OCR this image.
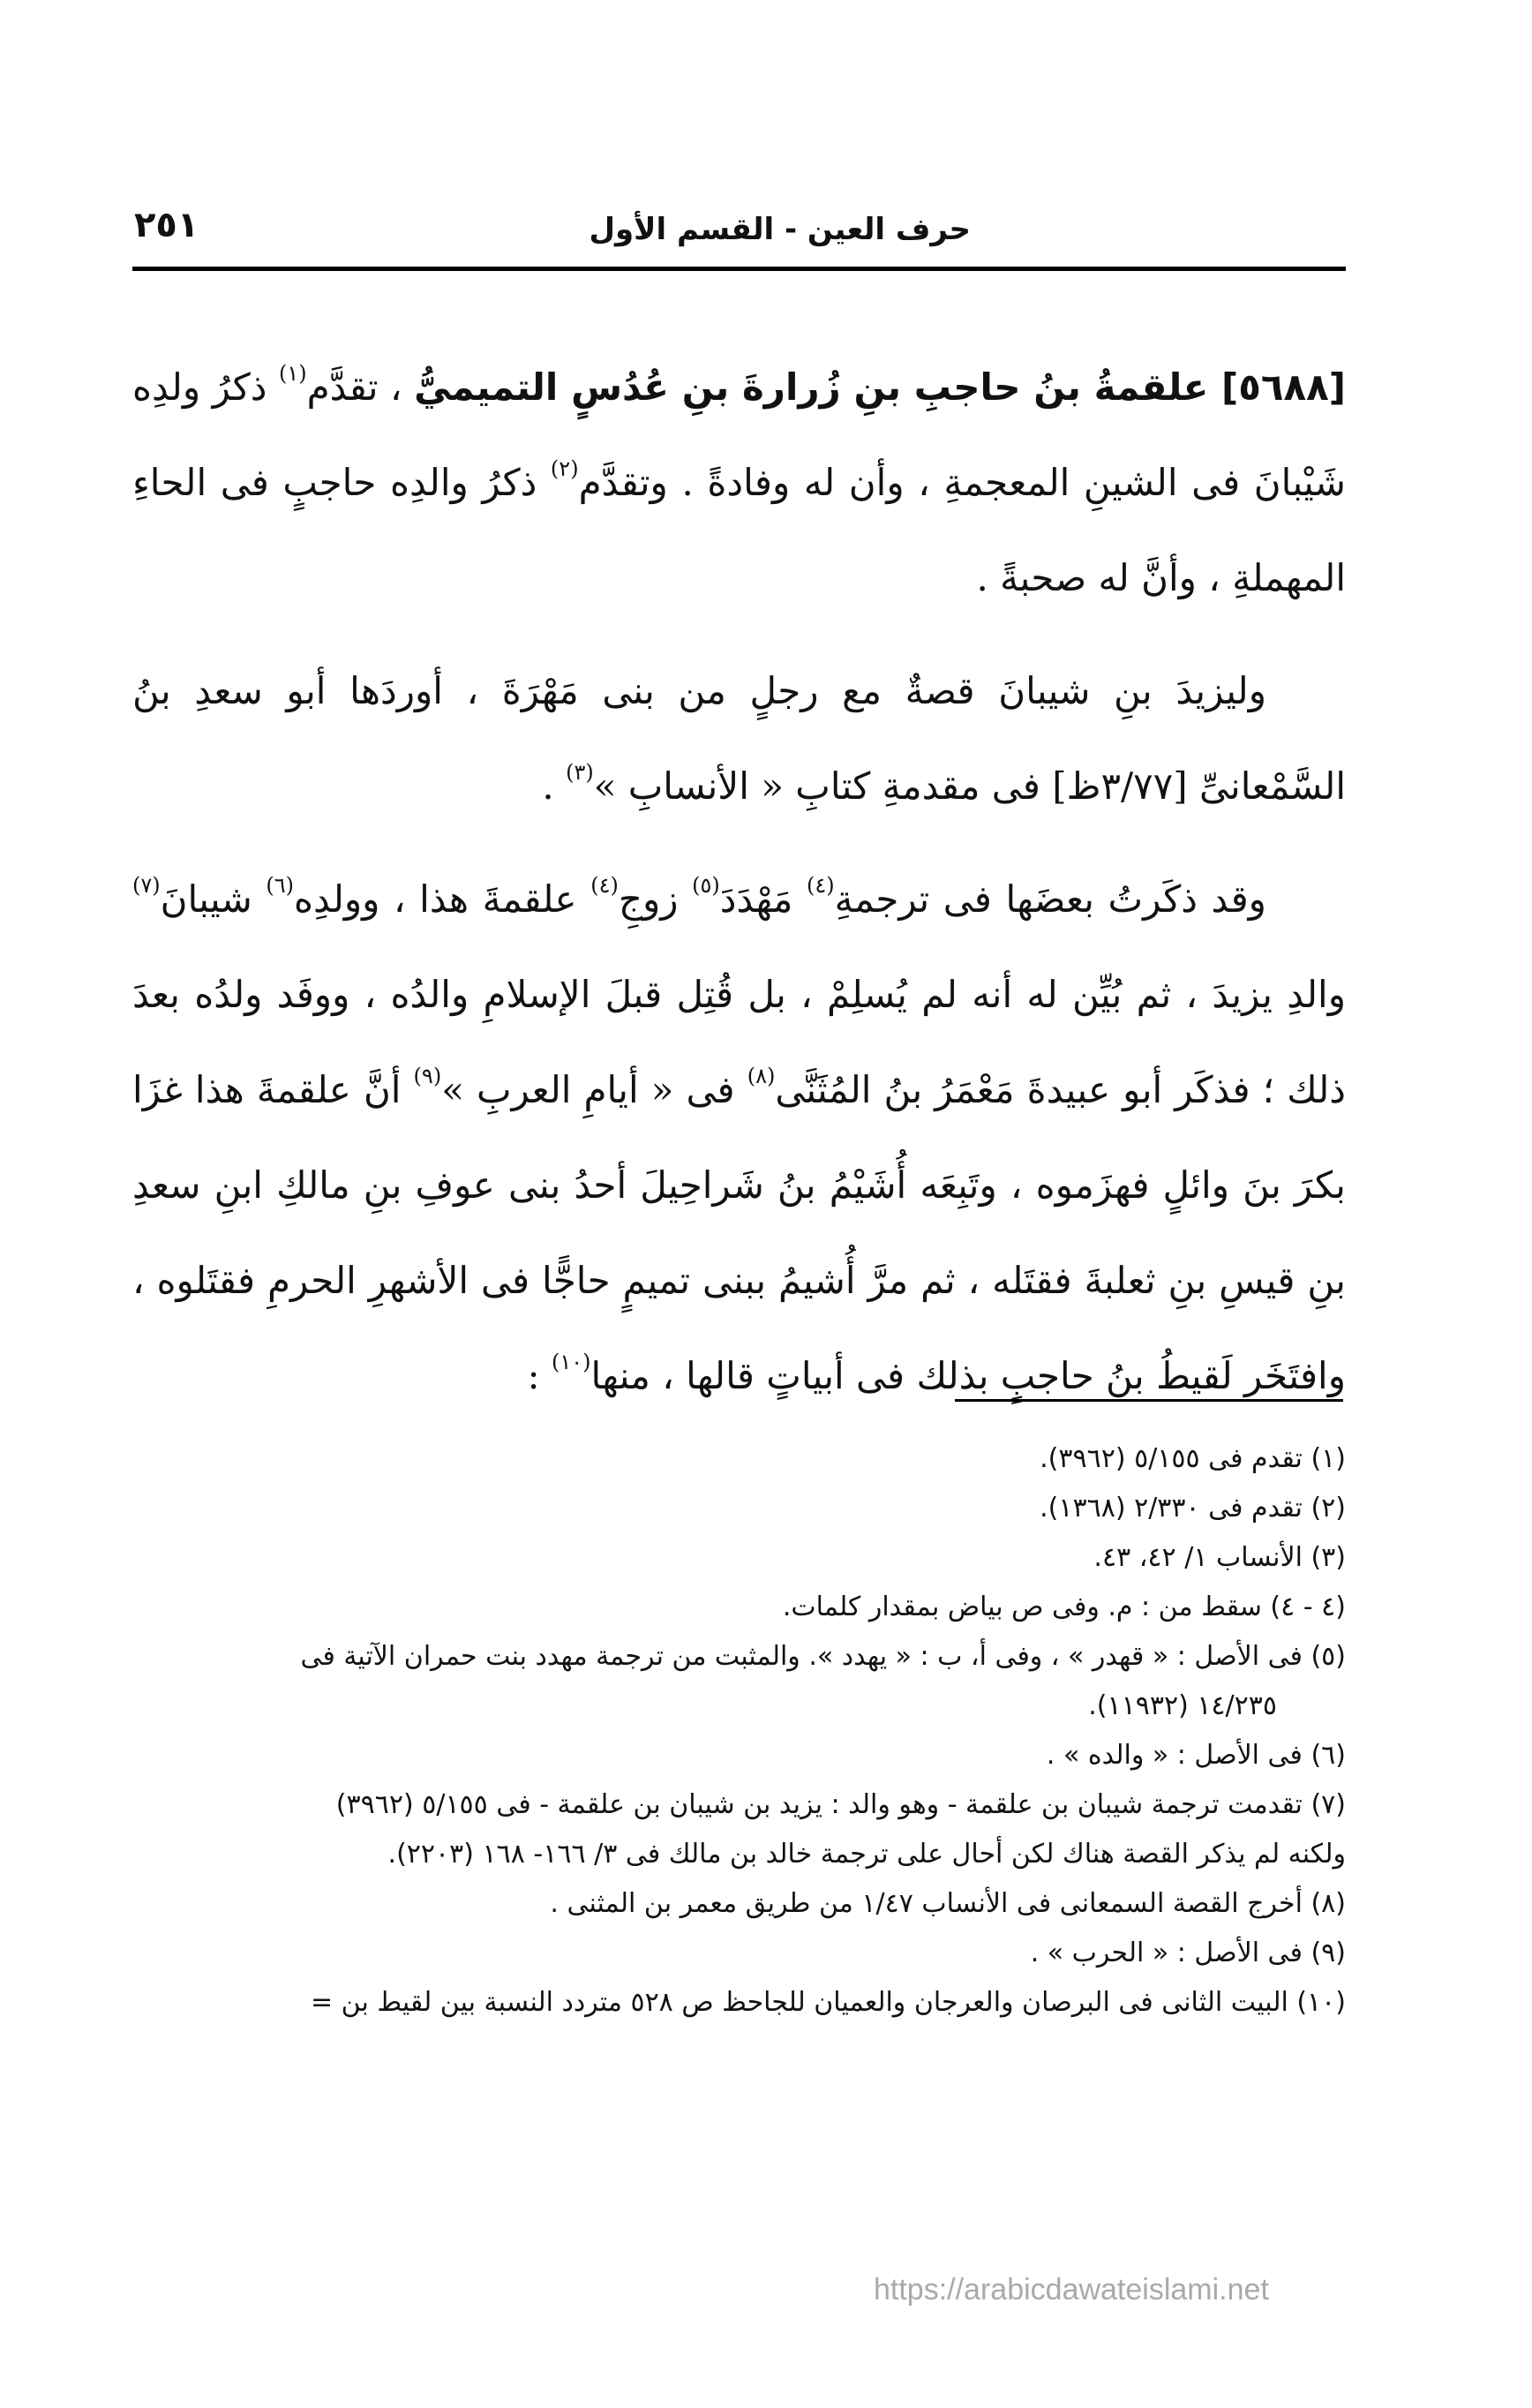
حرف العين - القسم الأول
٢٥١

[٥٦٨٨] علقمةُ بنُ حاجبِ بنِ زُرارةَ بنِ عُدُسٍ التميميُّ ، تقدَّم$^{(١)}$ ذكرُ ولدِه شَيْبانَ فى الشينِ المعجمةِ ، وأن له وفادةً . وتقدَّم$^{(٢)}$ ذكرُ والدِه حاجبٍ فى الحاءِ المهملةِ ، وأنَّ له صحبةً .

وليزيدَ بنِ شيبانَ قصةٌ مع رجلٍ من بنى مَهْرَةَ ، أوردَها أبو سعدِ بنُ السَّمْعانىِّ [٣/٧٧ظ] فى مقدمةِ كتابِ « الأنسابِ »$^{(٣)}$ .

وقد ذكَرتُ بعضَها فى ترجمةِ$^{(٤)}$ مَهْدَدَ$^{(٥)}$ زوجِ$^{(٤)}$ علقمةَ هذا ، وولدِه$^{(٦)}$ شيبانَ$^{(٧)}$ والدِ يزيدَ ، ثم بُيِّن له أنه لم يُسلِمْ ، بل قُتِل قبلَ الإسلامِ والدُه ، ووفَد ولدُه بعدَ ذلك ؛ فذكَر أبو عبيدةَ مَعْمَرُ بنُ المُثَنَّى$^{(٨)}$ فى « أيامِ العربِ »$^{(٩)}$ أنَّ علقمةَ هذا غزَا بكرَ بنَ وائلٍ فهزَموه ، وتَبِعَه أُشَيْمُ بنُ شَراحِيلَ أحدُ بنى عوفِ بنِ مالكِ ابنِ سعدِ بنِ قيسِ بنِ ثعلبةَ فقتَله ، ثم مرَّ أُشيمُ ببنى تميمٍ حاجًّا فى الأشهرِ الحرمِ فقتَلوه ، وافتَخَر لَقيطُ بنُ حاجبٍ بذلك فى أبياتٍ قالها ، منها$^{(١٠)}$ :

(١) تقدم فى ٥/١٥٥ (٣٩٦٢).

(٢) تقدم فى ٢/٣٣٠ (١٣٦٨).

(٣) الأنساب ١/ ٤٢، ٤٣.

(٤ - ٤) سقط من : م. وفى ص بياض بمقدار كلمات.

(٥) فى الأصل : « قهدر » ، وفى أ، ب : « يهدد ». والمثبت من ترجمة مهدد بنت حمران الآتية فى

١٤/٢٣٥ (١١٩٣٢).

(٦) فى الأصل : « والده » .

(٧) تقدمت ترجمة شيبان بن علقمة - وهو والد : يزيد بن شيبان بن علقمة - فى ٥/١٥٥ (٣٩٦٢)

ولكنه لم يذكر القصة هناك لكن أحال على ترجمة خالد بن مالك فى ٣/ ١٦٦- ١٦٨ (٢٢٠٣).

(٨) أخرج القصة السمعانى فى الأنساب ١/٤٧ من طريق معمر بن المثنى .

(٩) فى الأصل : « الحرب » .

(١٠) البيت الثانى فى البرصان والعرجان والعميان للجاحظ ص ٥٢٨ متردد النسبة بين لقيط بن =

https://arabicdawateislami.net
